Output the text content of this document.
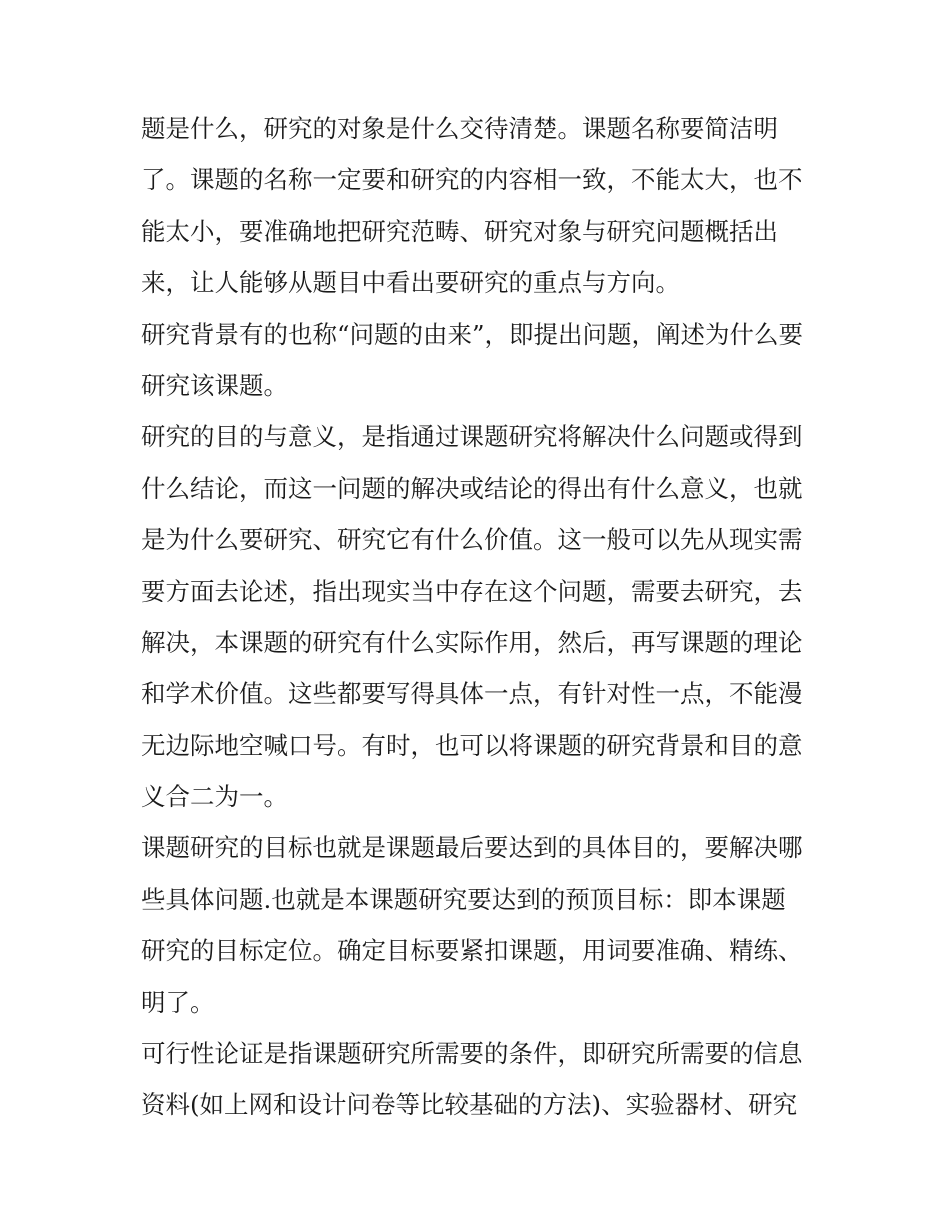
题是什么，研究的对象是什么交待清楚。课题名称要简洁明
了。课题的名称一定要和研究的内容相一致，不能太大，也不
能太小，要准确地把研究范畴、研究对象与研究问题概括出
来，让人能够从题目中看出要研究的重点与方向。
研究背景有的也称“问题的由来”，即提出问题，阐述为什么要
研究该课题。
研究的目的与意义，是指通过课题研究将解决什么问题或得到
什么结论，而这一问题的解决或结论的得出有什么意义，也就
是为什么要研究、研究它有什么价值。这一般可以先从现实需
要方面去论述，指出现实当中存在这个问题，需要去研究，去
解决，本课题的研究有什么实际作用，然后，再写课题的理论
和学术价值。这些都要写得具体一点，有针对性一点，不能漫
无边际地空喊口号。有时，也可以将课题的研究背景和目的意
义合二为一。
课题研究的目标也就是课题最后要达到的具体目的，要解决哪
些具体问题.也就是本课题研究要达到的预顶目标：即本课题
研究的目标定位。确定目标要紧扣课题，用词要准确、精练、
明了。
可行性论证是指课题研究所需要的条件，即研究所需要的信息
资料(如上网和设计问卷等比较基础的方法)、实验器材、研究
